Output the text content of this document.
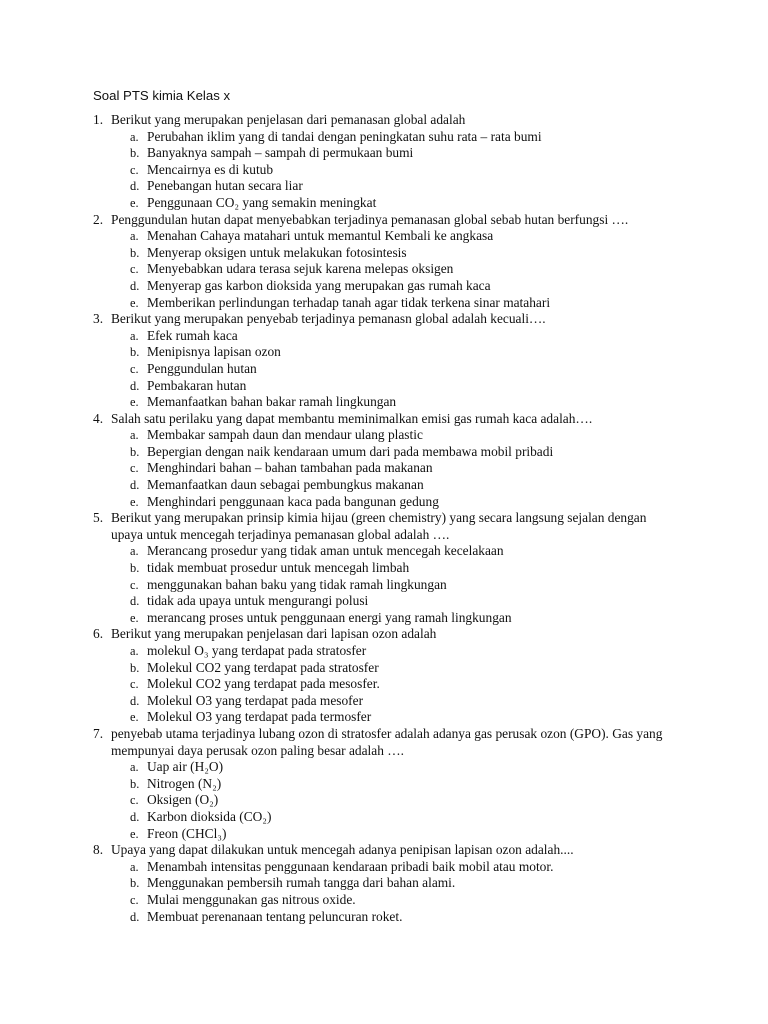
Soal PTS kimia Kelas x
1. Berikut yang merupakan penjelasan dari pemanasan global adalah
a. Perubahan iklim yang di tandai dengan peningkatan suhu rata – rata bumi
b. Banyaknya sampah – sampah di permukaan bumi
c. Mencairnya es di kutub
d. Penebangan hutan secara liar
e. Penggunaan CO₂ yang semakin meningkat
2. Penggundulan hutan dapat menyebabkan terjadinya pemanasan global sebab hutan berfungsi ….
a. Menahan Cahaya matahari untuk memantul Kembali ke angkasa
b. Menyerap oksigen untuk melakukan fotosintesis
c. Menyebabkan udara terasa sejuk karena melepas oksigen
d. Menyerap gas karbon dioksida yang merupakan gas rumah kaca
e. Memberikan perlindungan terhadap tanah agar tidak terkena sinar matahari
3. Berikut yang merupakan penyebab terjadinya pemanasn global adalah kecuali….
a. Efek rumah kaca
b. Menipisnya lapisan ozon
c. Penggundulan hutan
d. Pembakaran hutan
e. Memanfaatkan bahan bakar ramah lingkungan
4. Salah satu perilaku yang dapat membantu meminimalkan emisi gas rumah kaca adalah….
a. Membakar sampah daun dan mendaur ulang plastic
b. Bepergian dengan naik kendaraan umum dari pada membawa mobil pribadi
c. Menghindari bahan – bahan tambahan pada makanan
d. Memanfaatkan daun sebagai pembungkus makanan
e. Menghindari penggunaan kaca pada bangunan gedung
5. Berikut yang merupakan prinsip kimia hijau (green chemistry) yang secara langsung sejalan dengan upaya untuk mencegah terjadinya pemanasan global adalah ….
a. Merancang prosedur yang tidak aman untuk mencegah kecelakaan
b. tidak membuat prosedur untuk mencegah limbah
c. menggunakan bahan baku yang tidak ramah lingkungan
d. tidak ada upaya untuk mengurangi polusi
e. merancang proses untuk penggunaan energi yang ramah lingkungan
6. Berikut yang merupakan penjelasan dari lapisan ozon adalah
a. molekul O₃ yang terdapat pada stratosfer
b. Molekul CO2 yang terdapat pada stratosfer
c. Molekul CO2 yang terdapat pada mesosfer.
d. Molekul O3 yang terdapat pada mesofer
e. Molekul O3 yang terdapat pada termosfer
7. penyebab utama terjadinya lubang ozon di stratosfer adalah adanya gas perusak ozon (GPO). Gas yang mempunyai daya perusak ozon paling besar adalah ….
a. Uap air (H₂O)
b. Nitrogen (N₂)
c. Oksigen (O₂)
d. Karbon dioksida (CO₂)
e. Freon (CHCl₃)
8. Upaya yang dapat dilakukan untuk mencegah adanya penipisan lapisan ozon adalah....
a. Menambah intensitas penggunaan kendaraan pribadi baik mobil atau motor.
b. Menggunakan pembersih rumah tangga dari bahan alami.
c. Mulai menggunakan gas nitrous oxide.
d. Membuat perenanaan tentang peluncuran roket.
